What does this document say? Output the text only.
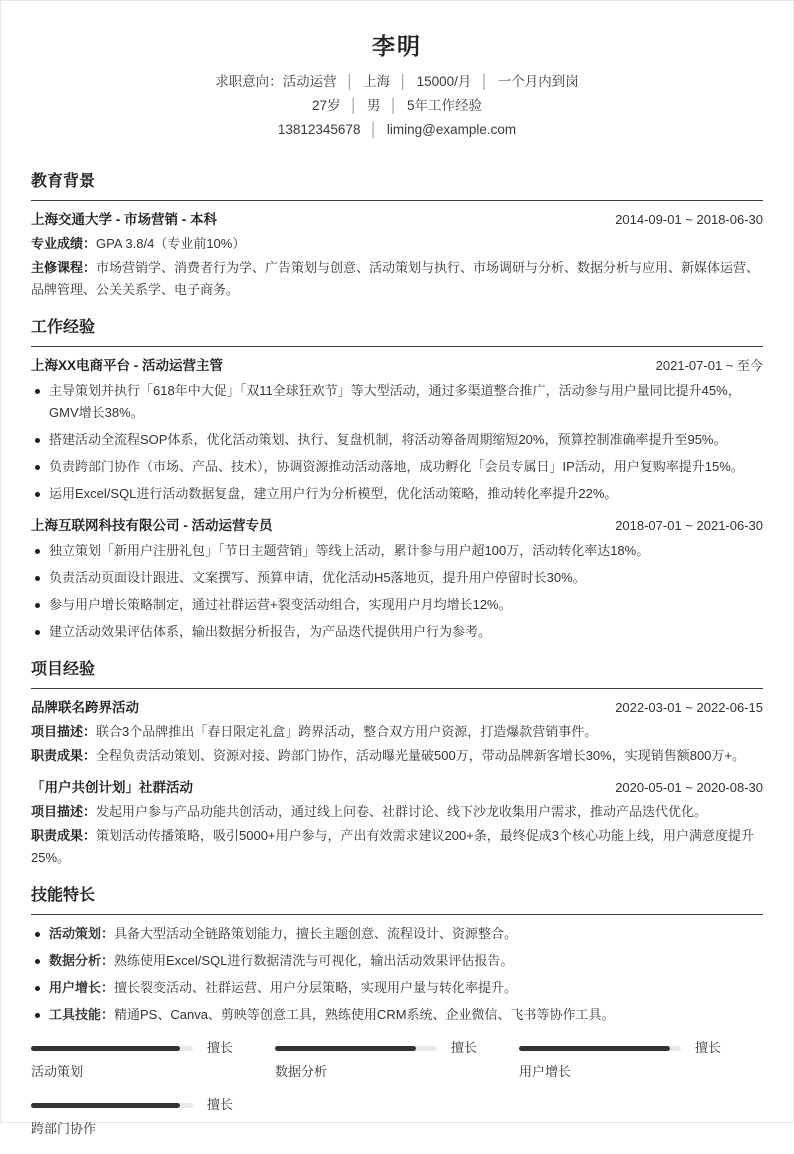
李明

求职意向：活动运营 │ 上海 │ 15000/月 │ 一个月内到岗

27岁 │ 男 │ 5年工作经验

13812345678 │ liming@example.com

教育背景
上海交通大学 - 市场营销 - 本科	2014-09-01 ~ 2018-06-30

专业成绩：GPA 3.8/4（专业前10%）

主修课程：市场营销学、消费者行为学、广告策划与创意、活动策划与执行、市场调研与分析、数据分析与应用、新媒体运营、品牌管理、公关关系学、电子商务。

工作经验
上海XX电商平台 - 活动运营主管	2021-07-01 ~ 至今
主导策划并执行「618年中大促」「双11全球狂欢节」等大型活动，通过多渠道整合推广，活动参与用户量同比提升45%，GMV增长38%。
搭建活动全流程SOP体系，优化活动策划、执行、复盘机制，将活动筹备周期缩短20%，预算控制准确率提升至95%。
负责跨部门协作（市场、产品、技术），协调资源推动活动落地，成功孵化「会员专属日」IP活动，用户复购率提升15%。
运用Excel/SQL进行活动数据复盘，建立用户行为分析模型，优化活动策略，推动转化率提升22%。
上海互联网科技有限公司 - 活动运营专员	2018-07-01 ~ 2021-06-30
独立策划「新用户注册礼包」「节日主题营销」等线上活动，累计参与用户超100万，活动转化率达18%。
负责活动页面设计跟进、文案撰写、预算申请，优化活动H5落地页，提升用户停留时长30%。
参与用户增长策略制定，通过社群运营+裂变活动组合，实现用户月均增长12%。
建立活动效果评估体系，输出数据分析报告，为产品迭代提供用户行为参考。
项目经验
品牌联名跨界活动	2022-03-01 ~ 2022-06-15

项目描述：联合3个品牌推出「春日限定礼盒」跨界活动，整合双方用户资源，打造爆款营销事件。

职责成果：全程负责活动策划、资源对接、跨部门协作，活动曝光量破500万，带动品牌新客增长30%，实现销售额800万+。

「用户共创计划」社群活动	2020-05-01 ~ 2020-08-30

项目描述：发起用户参与产品功能共创活动，通过线上问卷、社群讨论、线下沙龙收集用户需求，推动产品迭代优化。

职责成果：策划活动传播策略，吸引5000+用户参与，产出有效需求建议200+条，最终促成3个核心功能上线，用户满意度提升25%。

技能特长
活动策划：具备大型活动全链路策划能力，擅长主题创意、流程设计、资源整合。
数据分析：熟练使用Excel/SQL进行数据清洗与可视化，输出活动效果评估报告。
用户增长：擅长裂变活动、社群运营、用户分层策略，实现用户量与转化率提升。
工具技能：精通PS、Canva、剪映等创意工具，熟练使用CRM系统、企业微信、飞书等协作工具。
擅长
活动策划
擅长
数据分析
擅长
用户增长
擅长
跨部门协作
